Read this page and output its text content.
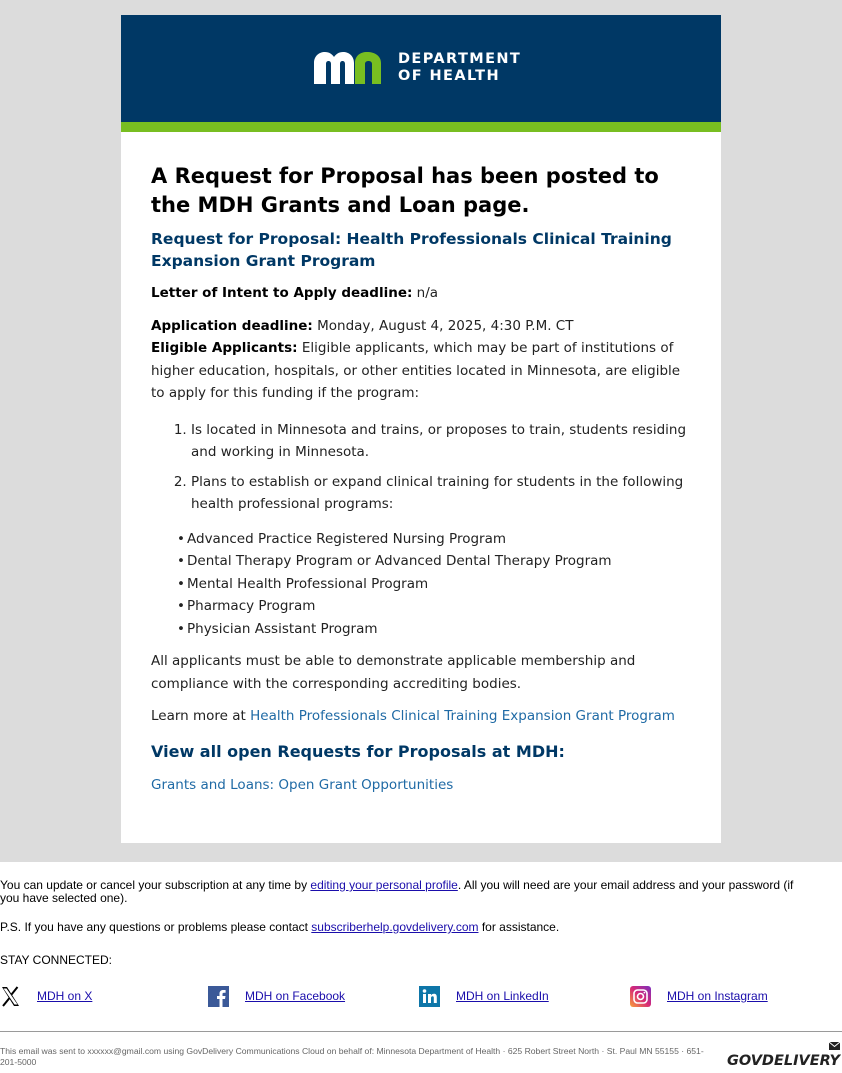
DEPARTMENT
OF HEALTH
A Request for Proposal has been posted to the MDH Grants and Loan page.
Request for Proposal: Health Professionals Clinical Training Expansion Grant Program

Letter of Intent to Apply deadline: n/a

Application deadline: Monday, August 4, 2025, 4:30 P.M. CT

Eligible Applicants: Eligible applicants, which may be part of institutions of higher education, hospitals, or other entities located in Minnesota, are eligible to apply for this funding if the program:

1. Is located in Minnesota and trains, or proposes to train, students residing and working in Minnesota.
2. Plans to establish or expand clinical training for students in the following health professional programs:
• Advanced Practice Registered Nursing Program
• Dental Therapy Program or Advanced Dental Therapy Program
• Mental Health Professional Program
• Pharmacy Program
• Physician Assistant Program

All applicants must be able to demonstrate applicable membership and compliance with the corresponding accrediting bodies.

Learn more at Health Professionals Clinical Training Expansion Grant Program

View all open Requests for Proposals at MDH:

Grants and Loans: Open Grant Opportunities

You can update or cancel your subscription at any time by editing your personal profile. All you will need are your email address and your password (if you have selected one).

P.S. If you have any questions or problems please contact subscriberhelp.govdelivery.com for assistance.

STAY CONNECTED:

MDH on X	MDH on Facebook	MDH on LinkedIn	MDH on Instagram

This email was sent to xxxxxx@gmail.com using GovDelivery Communications Cloud on behalf of: Minnesota Department of Health · 625 Robert Street North · St. Paul MN 55155 · 651-201-5000	GOVDELIVERY
